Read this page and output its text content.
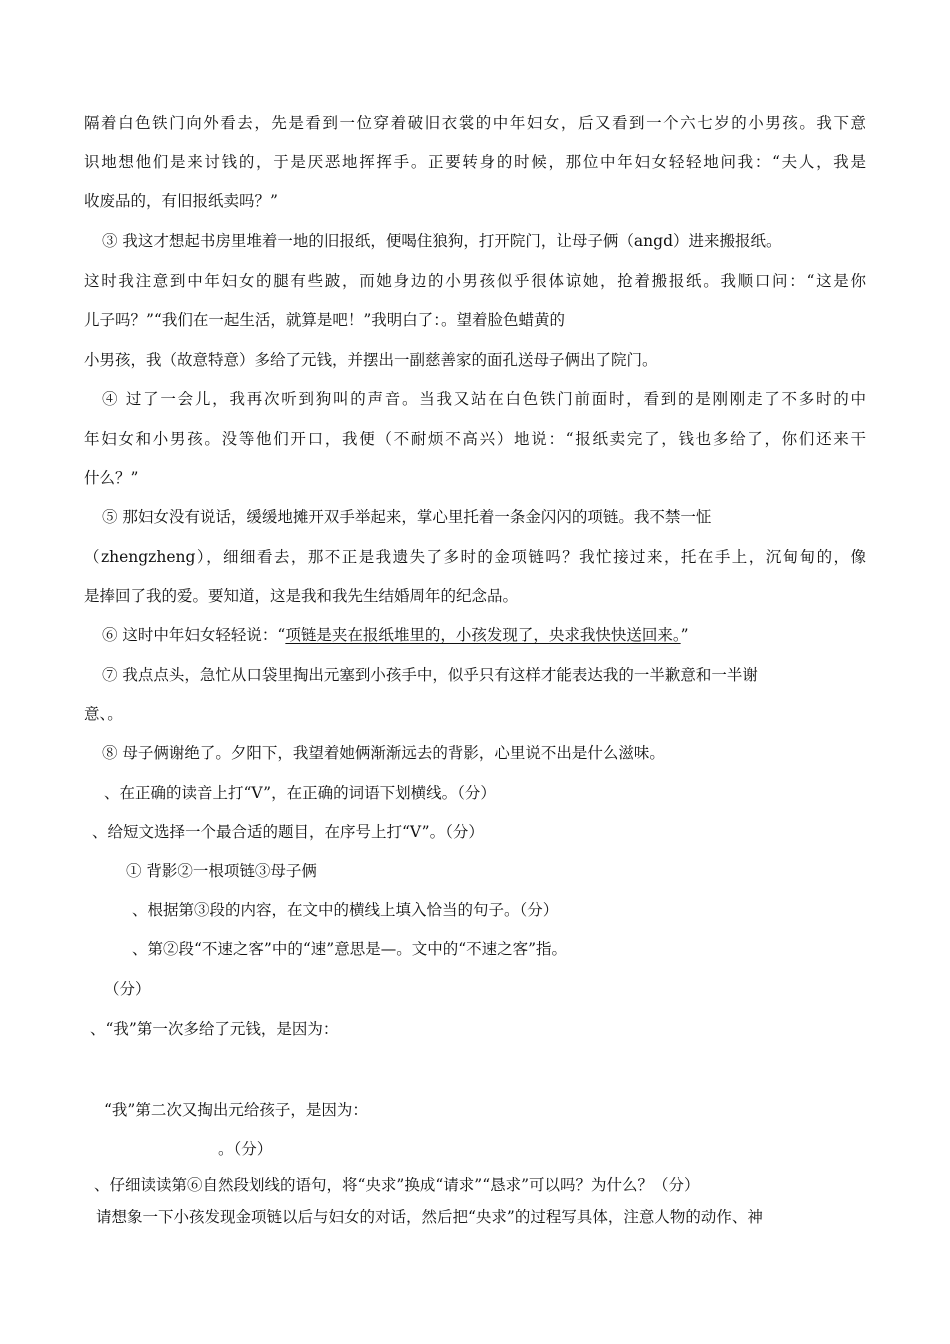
隔着白色铁门向外看去，先是看到一位穿着破旧衣裳的中年妇女，后又看到一个六七岁的小男孩。我下意
识地想他们是来讨钱的，于是厌恶地挥挥手。正要转身的时候，那位中年妇女轻轻地问我：“夫人，我是
收废品的，有旧报纸卖吗？”
③ 我这才想起书房里堆着一地的旧报纸，便喝住狼狗，打开院门，让母子俩（angd）进来搬报纸。
这时我注意到中年妇女的腿有些跛，而她身边的小男孩似乎很体谅她，抢着搬报纸。我顺口问：“这是你
儿子吗？”“我们在一起生活，就算是吧！”我明白了：。望着脸色蜡黄的
小男孩，我（故意特意）多给了元钱，并摆出一副慈善家的面孔送母子俩出了院门。
④ 过了一会儿，我再次听到狗叫的声音。当我又站在白色铁门前面时，看到的是刚刚走了不多时的中
年妇女和小男孩。没等他们开口，我便（不耐烦不高兴）地说：“报纸卖完了，钱也多给了，你们还来干
什么？”
⑤ 那妇女没有说话，缓缓地摊开双手举起来，掌心里托着一条金闪闪的项链。我不禁一怔
（zhengzheng），细细看去，那不正是我遗失了多时的金项链吗？我忙接过来，托在手上，沉甸甸的，像
是捧回了我的爱。要知道，这是我和我先生结婚周年的纪念品。
⑥ 这时中年妇女轻轻说：“项链是夹在报纸堆里的，小孩发现了，央求我快快送回来。”
⑦ 我点点头，急忙从口袋里掏出元塞到小孩手中，似乎只有这样才能表达我的一半歉意和一半谢
意、。
⑧ 母子俩谢绝了。夕阳下，我望着她俩渐渐远去的背影，心里说不出是什么滋味。
、在正确的读音上打“V”，在正确的词语下划横线。（分）
、给短文选择一个最合适的题目，在序号上打“V”。（分）
① 背影②一根项链③母子俩
、根据第③段的内容，在文中的横线上填入恰当的句子。（分）
、第②段“不速之客”中的“速”意思是—。文中的“不速之客”指。
（分）
、“我”第一次多给了元钱，是因为：
“我”第二次又掏出元给孩子，是因为：
。（分）
、仔细读读第⑥自然段划线的语句，将“央求”换成“请求”“恳求”可以吗？为什么？（分）
请想象一下小孩发现金项链以后与妇女的对话，然后把“央求”的过程写具体，注意人物的动作、神
